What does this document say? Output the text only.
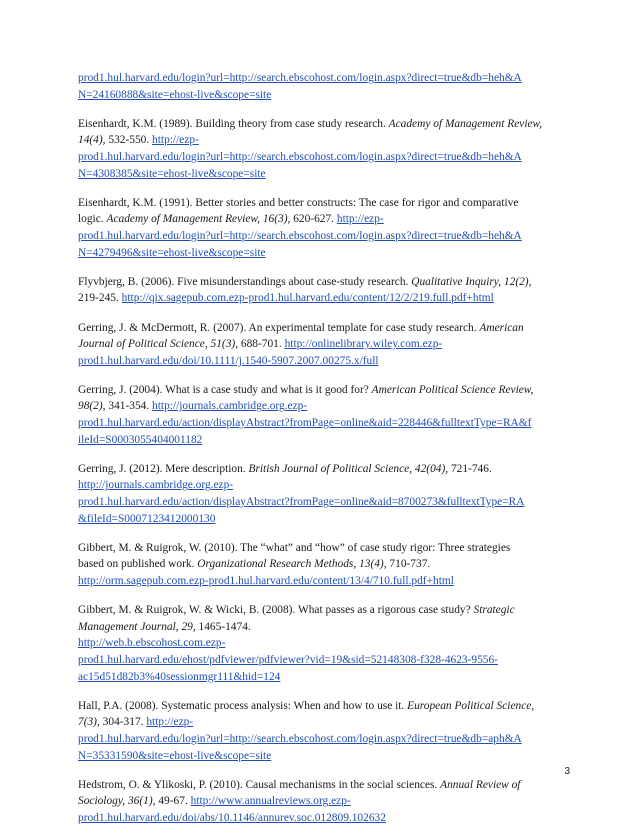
prod1.hul.harvard.edu/login?url=http://search.ebscohost.com/login.aspx?direct=true&db=heh&A
N=24160888&site=ehost-live&scope=site
Eisenhardt, K.M. (1989). Building theory from case study research. Academy of Management Review,
14(4), 532-550. http://ezp-
prod1.hul.harvard.edu/login?url=http://search.ebscohost.com/login.aspx?direct=true&db=heh&A
N=4308385&site=ehost-live&scope=site
Eisenhardt, K.M. (1991). Better stories and better constructs: The case for rigor and comparative
logic. Academy of Management Review, 16(3), 620-627. http://ezp-
prod1.hul.harvard.edu/login?url=http://search.ebscohost.com/login.aspx?direct=true&db=heh&A
N=4279496&site=ehost-live&scope=site
Flyvbjerg, B. (2006). Five misunderstandings about case-study research. Qualitative Inquiry, 12(2),
219-245. http://qix.sagepub.com.ezp-prod1.hul.harvard.edu/content/12/2/219.full.pdf+html
Gerring, J. & McDermott, R. (2007). An experimental template for case study research. American
Journal of Political Science, 51(3), 688-701. http://onlinelibrary.wiley.com.ezp-
prod1.hul.harvard.edu/doi/10.1111/j.1540-5907.2007.00275.x/full
Gerring, J. (2004). What is a case study and what is it good for? American Political Science Review,
98(2), 341-354. http://journals.cambridge.org.ezp-
prod1.hul.harvard.edu/action/displayAbstract?fromPage=online&aid=228446&fulltextType=RA&f
ileId=S0003055404001182
Gerring, J. (2012). Mere description. British Journal of Political Science, 42(04), 721-746.
http://journals.cambridge.org.ezp-
prod1.hul.harvard.edu/action/displayAbstract?fromPage=online&aid=8700273&fulltextType=RA
&fileId=S0007123412000130
Gibbert, M. & Ruigrok, W. (2010). The “what” and “how” of case study rigor: Three strategies
based on published work. Organizational Research Methods, 13(4), 710-737.
http://orm.sagepub.com.ezp-prod1.hul.harvard.edu/content/13/4/710.full.pdf+html
Gibbert, M. & Ruigrok, W. & Wicki, B. (2008). What passes as a rigorous case study? Strategic
Management Journal, 29, 1465-1474.
http://web.b.ebscohost.com.ezp-
prod1.hul.harvard.edu/ehost/pdfviewer/pdfviewer?vid=19&sid=52148308-f328-4623-9556-
ac15d51d82b3%40sessionmgr111&hid=124
Hall, P.A. (2008). Systematic process analysis: When and how to use it. European Political Science,
7(3), 304-317. http://ezp-
prod1.hul.harvard.edu/login?url=http://search.ebscohost.com/login.aspx?direct=true&db=aph&A
N=35331590&site=ehost-live&scope=site
Hedstrom, O. & Ylikoski, P. (2010). Causal mechanisms in the social sciences. Annual Review of
Sociology, 36(1), 49-67. http://www.annualreviews.org.ezp-
prod1.hul.harvard.edu/doi/abs/10.1146/annurev.soc.012809.102632
3
